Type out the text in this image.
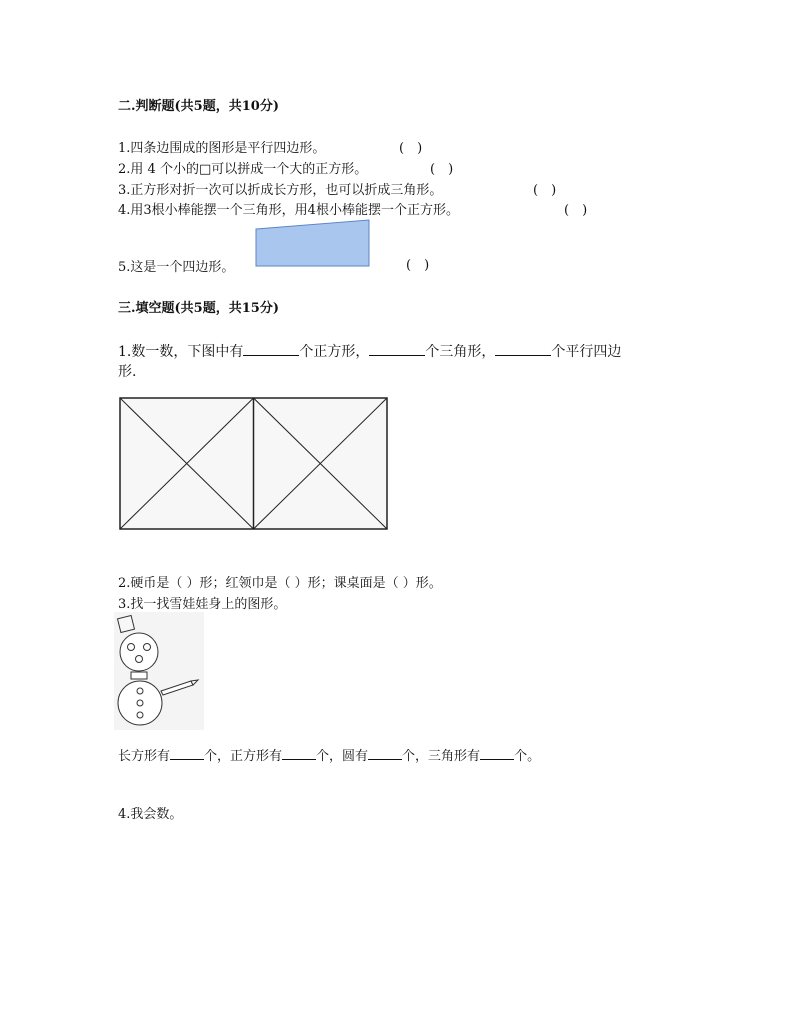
二.判断题(共5题，共10分)
1.四条边围成的图形是平行四边形。	(　)
2.用 4 个小的□可以拼成一个大的正方形。	(　)
3.正方形对折一次可以折成长方形，也可以折成三角形。	(　)
4.用3根小棒能摆一个三角形，用4根小棒能摆一个正方形。	(　)
5.这是一个四边形。	(　)
三.填空题(共5题，共15分)
1.数一数，下图中有	个正方形，	个三角形，	个平行四边
形.
2.硬币是（ ）形；红领巾是（ ）形；课桌面是（ ）形。
3.找一找雪娃娃身上的图形。
长方形有	个，正方形有	个，圆有	个，三角形有	个。
4.我会数。
